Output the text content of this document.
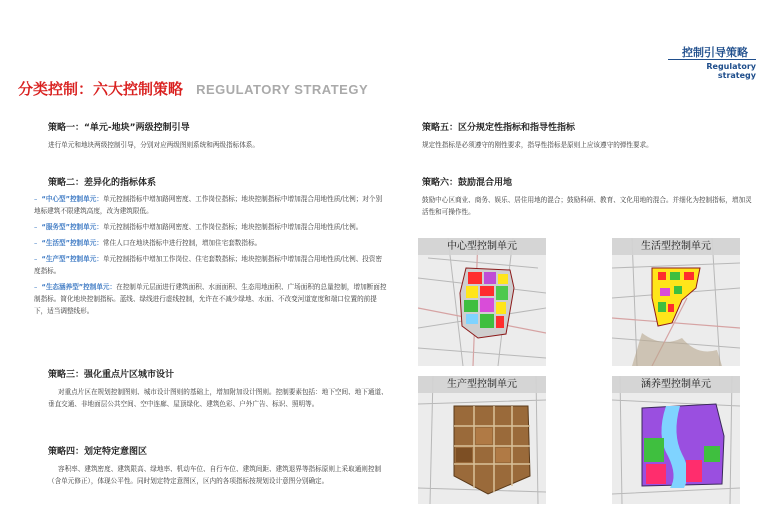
控制引导策略
Regulatory strategy
分类控制：六大控制策略 REGULATORY STRATEGY
策略一：“单元-地块”两级控制引导

进行单元和地块两级控制引导，分别对应两级图则系统和两级指标体系。

策略二：差异化的指标体系
– “中心型”控制单元：单元控制指标中增加路网密度、工作岗位指标；地块控制指标中增加混合用地性质/比例；对个别地标建筑不限建筑高度，改为建筑限低。
– “服务型”控制单元：单元控制指标中增加路网密度、工作岗位指标；地块控制指标中增加混合用地性质/比例。
– “生活型”控制单元：常住人口在地块指标中进行控制，增加住宅套数指标。
– “生产型”控制单元：单元控制指标中增加工作岗位、住宅套数指标；地块控制指标中增加混合用地性质/比例、投资密度指标。
– “生态涵养型”控制单元：在控制单元层面进行建筑面积、水面面积、生态用地面积、广场面积的总量控制，增加断面控制指标。简化地块控制指标。蓝线、绿线进行虚线控制，允许在不减少绿地、水面、不改变河道宽度和端口位置的前提下，适当调整线形。
策略三：强化重点片区城市设计

对重点片区在规划控制图则、城市设计图则的基础上，增加附加设计图则。控制要素包括：地下空间、地下通道、垂直交通、非地面层公共空间、空中连廊、屋顶绿化、建筑色彩、户外广告、标识、照明等。

策略四：划定特定意图区

容积率、建筑密度、建筑限高、绿地率、机动车位、自行车位、建筑间距、建筑退界等指标原则上采取通则控制（含单元修正），体现公平性。同时划定特定意图区，区内的各项指标按规划设计意图分别确定。

策略五：区分规定性指标和指导性指标

规定性指标是必须遵守的刚性要求，指导性指标是原则上应该遵守的弹性要求。

策略六：鼓励混合用地

鼓励中心区商业、商务、娱乐、居住用地的混合；鼓励科研、教育、文化用地的混合。并细化为控制指标，增加灵活性和可操作性。

中心型控制单元	生活型控制单元
生产型控制单元	涵养型控制单元
